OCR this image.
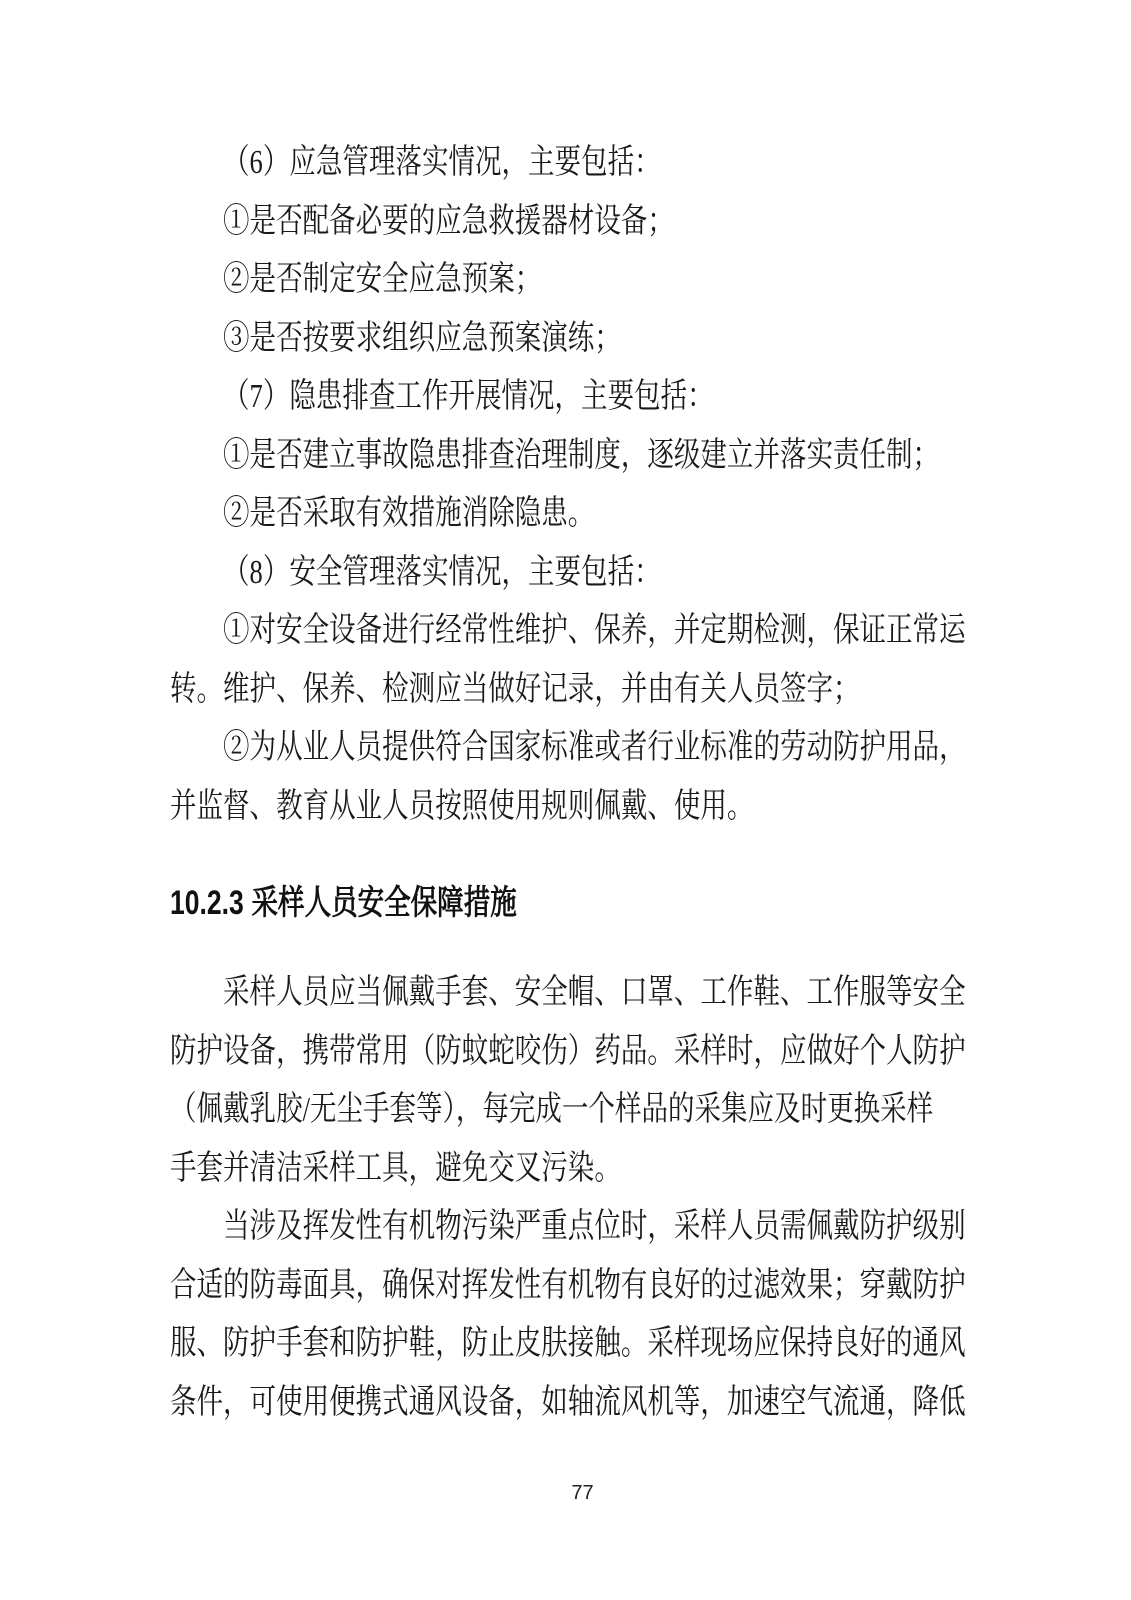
（6）应急管理落实情况，主要包括：
①是否配备必要的应急救援器材设备；
②是否制定安全应急预案；
③是否按要求组织应急预案演练；
（7）隐患排查工作开展情况，主要包括：
①是否建立事故隐患排查治理制度，逐级建立并落实责任制；
②是否采取有效措施消除隐患。
（8）安全管理落实情况，主要包括：
①对安全设备进行经常性维护、保养，并定期检测，保证正常运
转。维护、保养、检测应当做好记录，并由有关人员签字；
②为从业人员提供符合国家标准或者行业标准的劳动防护用品，
并监督、教育从业人员按照使用规则佩戴、使用。
10.2.3 采样人员安全保障措施
采样人员应当佩戴手套、安全帽、口罩、工作鞋、工作服等安全
防护设备，携带常用（防蚊蛇咬伤）药品。采样时，应做好个人防护
（佩戴乳胶/无尘手套等），每完成一个样品的采集应及时更换采样
手套并清洁采样工具，避免交叉污染。
当涉及挥发性有机物污染严重点位时，采样人员需佩戴防护级别
合适的防毒面具，确保对挥发性有机物有良好的过滤效果；穿戴防护
服、防护手套和防护鞋，防止皮肤接触。采样现场应保持良好的通风
条件，可使用便携式通风设备，如轴流风机等，加速空气流通，降低
77
